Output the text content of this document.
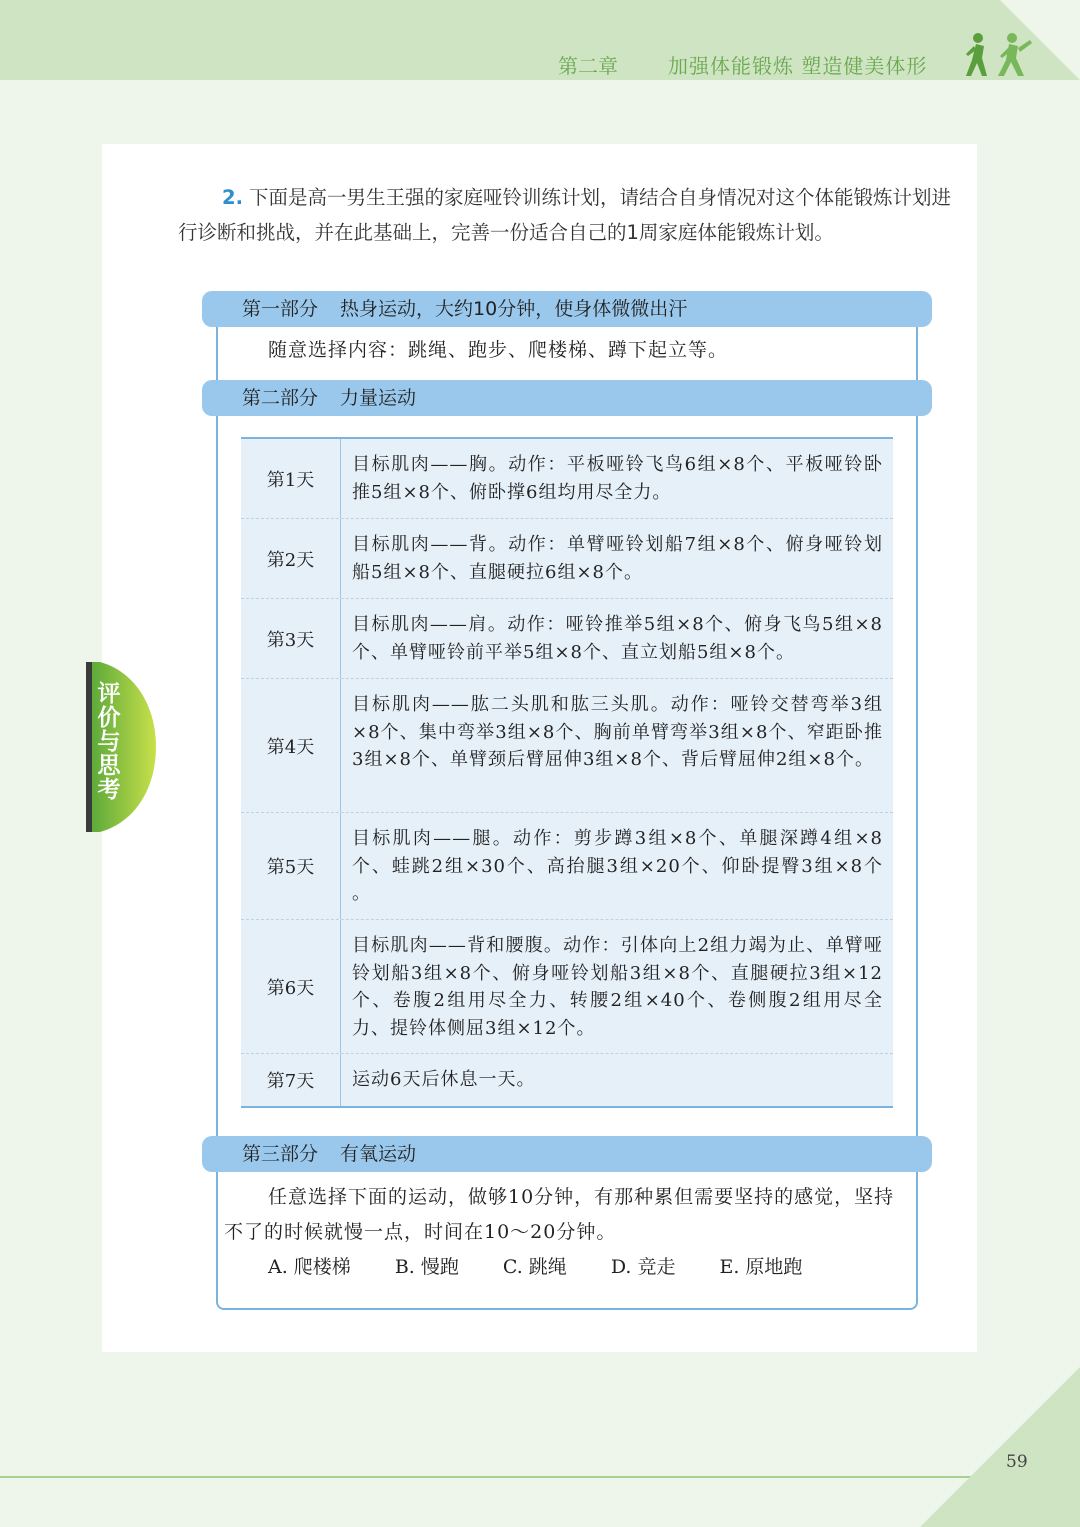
第二章	加强体能锻炼 塑造健美体形
2. 下面是高一男生王强的家庭哑铃训练计划，请结合自身情况对这个体能锻炼计划进行诊断和挑战，并在此基础上，完善一份适合自己的1周家庭体能锻炼计划。
第一部分 热身运动，大约10分钟，使身体微微出汗
随意选择内容：跳绳、跑步、爬楼梯、蹲下起立等。
第二部分 力量运动
第1天
目标肌肉——胸。动作：平板哑铃飞鸟6组×8个、平板哑铃卧推5组×8个、俯卧撑6组均用尽全力。
第2天
目标肌肉——背。动作：单臂哑铃划船7组×8个、俯身哑铃划船5组×8个、直腿硬拉6组×8个。
第3天
目标肌肉——肩。动作：哑铃推举5组×8个、俯身飞鸟5组×8个、单臂哑铃前平举5组×8个、直立划船5组×8个。
第4天
目标肌肉——肱二头肌和肱三头肌。动作：哑铃交替弯举3组×8个、集中弯举3组×8个、胸前单臂弯举3组×8个、窄距卧推3组×8个、单臂颈后臂屈伸3组×8个、背后臂屈伸2组×8个。
第5天
目标肌肉——腿。动作：剪步蹲3组×8个、单腿深蹲4组×8个、蛙跳2组×30个、高抬腿3组×20个、仰卧提臀3组×8个 。
第6天
目标肌肉——背和腰腹。动作：引体向上2组力竭为止、单臂哑铃划船3组×8个、俯身哑铃划船3组×8个、直腿硬拉3组×12个、卷腹2组用尽全力、转腰2组×40个、卷侧腹2组用尽全力、提铃体侧屈3组×12个。
第7天	运动6天后休息一天。
第三部分 有氧运动
任意选择下面的运动，做够10分钟，有那种累但需要坚持的感觉，坚持不了的时候就慢一点，时间在10～20分钟。
A. 爬楼梯 B. 慢跑 C. 跳绳 D. 竞走 E. 原地跑
评价与思考
59
